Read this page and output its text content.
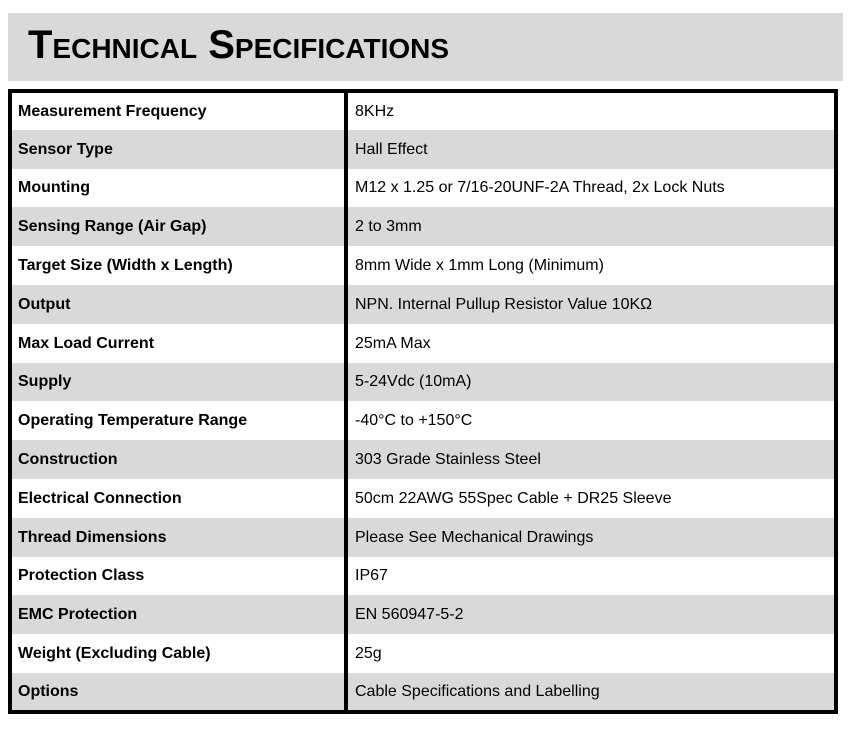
Technical Specifications
Measurement Frequency	8KHz
Sensor Type	Hall Effect
Mounting	M12 x 1.25 or 7/16-20UNF-2A Thread, 2x Lock Nuts
Sensing Range (Air Gap)	2 to 3mm
Target Size (Width x Length)	8mm Wide x 1mm Long (Minimum)
Output	NPN. Internal Pullup Resistor Value 10KΩ
Max Load Current	25mA Max
Supply	5-24Vdc (10mA)
Operating Temperature Range	-40°C to +150°C
Construction	303 Grade Stainless Steel
Electrical Connection	50cm 22AWG 55Spec Cable + DR25 Sleeve
Thread Dimensions	Please See Mechanical Drawings
Protection Class	IP67
EMC Protection	EN 560947-5-2
Weight (Excluding Cable)	25g
Options	Cable Specifications and Labelling
